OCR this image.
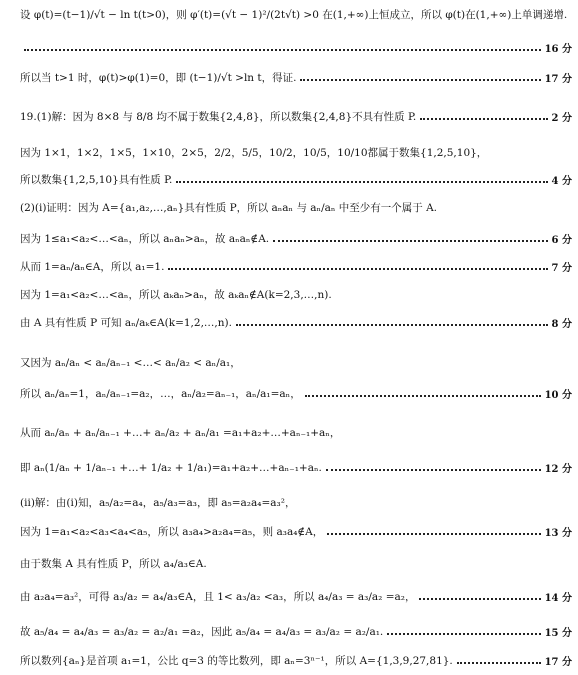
设 φ(t)=(t−1)/√t − ln t(t>0)，则 φ′(t)=(√t − 1)²/(2t√t) >0 在(1,+∞)上恒成立，所以 φ(t)在(1,+∞)上单调递增.
16 分
所以当 t>1 时，φ(t)>φ(1)=0，即 (t−1)/√t >ln t，得证.	17 分
19.(1)解：因为 8×8 与 8/8 均不属于数集{2,4,8}，所以数集{2,4,8}不具有性质 P.	2 分
因为 1×1，1×2，1×5，1×10，2×5，2/2，5/5，10/2，10/5，10/10都属于数集{1,2,5,10}，
所以数集{1,2,5,10}具有性质 P.	4 分
(2)(ⅰ)证明：因为 A={a₁,a₂,…,aₙ}具有性质 P，所以 aₙaₙ 与 aₙ/aₙ 中至少有一个属于 A.
因为 1≤a₁<a₂<…<aₙ，所以 aₙaₙ>aₙ，故 aₙaₙ∉A.	6 分
从而 1=aₙ/aₙ∈A，所以 a₁=1.	7 分
因为 1=a₁<a₂<…<aₙ，所以 aₖaₙ>aₙ，故 aₖaₙ∉A(k=2,3,…,n).
由 A 具有性质 P 可知 aₙ/aₖ∈A(k=1,2,…,n).	8 分
又因为 aₙ/aₙ < aₙ/aₙ₋₁ <…< aₙ/a₂ < aₙ/a₁，
所以 aₙ/aₙ=1，aₙ/aₙ₋₁=a₂，…，aₙ/a₂=aₙ₋₁，aₙ/a₁=aₙ，	10 分
从而 aₙ/aₙ + aₙ/aₙ₋₁ +…+ aₙ/a₂ + aₙ/a₁ =a₁+a₂+…+aₙ₋₁+aₙ，
即 aₙ(1/aₙ + 1/aₙ₋₁ +…+ 1/a₂ + 1/a₁)=a₁+a₂+…+aₙ₋₁+aₙ.	12 分
(ⅱ)解：由(ⅰ)知，a₅/a₂=a₄，a₅/a₃=a₃，即 a₅=a₂a₄=a₃²，
因为 1=a₁<a₂<a₃<a₄<a₅，所以 a₃a₄>a₂a₄=a₅，则 a₃a₄∉A，	13 分
由于数集 A 具有性质 P，所以 a₄/a₃∈A.
由 a₂a₄=a₃²，可得 a₃/a₂ = a₄/a₃∈A，且 1< a₃/a₂ <a₃，所以 a₄/a₃ = a₃/a₂ =a₂，	14 分
故 a₅/a₄ = a₄/a₃ = a₃/a₂ = a₂/a₁ =a₂，因此 a₅/a₄ = a₄/a₃ = a₃/a₂ = a₂/a₁.	15 分
所以数列{aₙ}是首项 a₁=1，公比 q=3 的等比数列，即 aₙ=3ⁿ⁻¹，所以 A={1,3,9,27,81}.	17 分
